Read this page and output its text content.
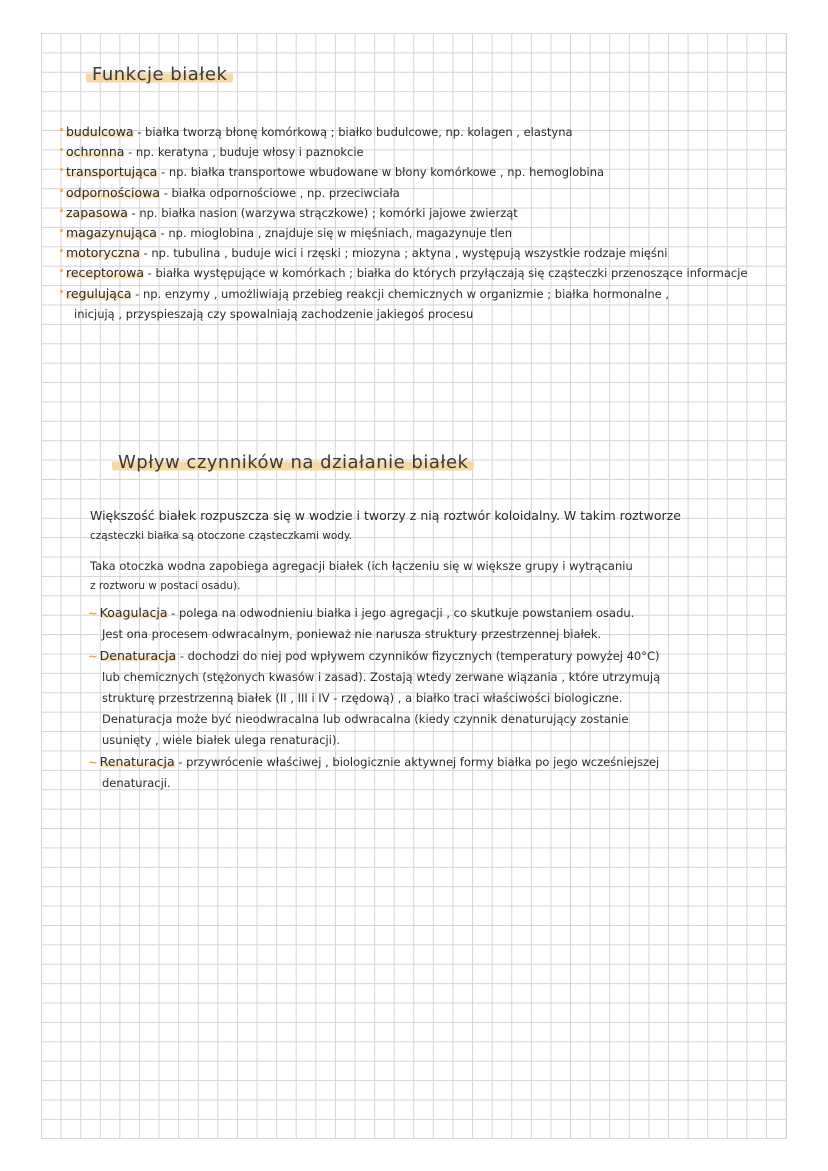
Funkcje białek
budulcowa - białka tworzą błonę komórkową ; białko budulcowe, np. kolagen , elastyna
ochronna - np. keratyna , buduje włosy i paznokcie
transportująca - np. białka transportowe wbudowane w błony komórkowe , np. hemoglobina
odpornościowa - białka odpornościowe , np. przeciwciała
zapasowa - np. białka nasion (warzywa strączkowe) ; komórki jajowe zwierząt
magazynująca - np. mioglobina , znajduje się w mięśniach, magazynuje tlen
motoryczna - np. tubulina , buduje wici i rzęski ; miozyna ; aktyna , występują wszystkie rodzaje mięśni
receptorowa - białka występujące w komórkach ; białka do których przyłączają się cząsteczki przenoszące informacje
regulująca - np. enzymy , umożliwiają przebieg reakcji chemicznych w organizmie ; białka hormonalne ,
inicjują , przyspieszają czy spowalniają zachodzenie jakiegoś procesu
Wpływ czynników na działanie białek
Większość białek rozpuszcza się w wodzie i tworzy z nią roztwór koloidalny. W takim roztworze
cząsteczki białka są otoczone cząsteczkami wody.
Taka otoczka wodna zapobiega agregacji białek (ich łączeniu się w większe grupy i wytrącaniu
z roztworu w postaci osadu).
~ Koagulacja - polega na odwodnieniu białka i jego agregacji , co skutkuje powstaniem osadu.
Jest ona procesem odwracalnym, ponieważ nie narusza struktury przestrzennej białek.
~ Denaturacja - dochodzi do niej pod wpływem czynników fizycznych (temperatury powyżej 40°C)
lub chemicznych (stężonych kwasów i zasad). Zostają wtedy zerwane wiązania , które utrzymują
strukturę przestrzenną białek (II , III i IV - rzędową) , a białko traci właściwości biologiczne.
Denaturacja może być nieodwracalna lub odwracalna (kiedy czynnik denaturujący zostanie
usunięty , wiele białek ulega renaturacji).
~ Renaturacja - przywrócenie właściwej , biologicznie aktywnej formy białka po jego wcześniejszej
denaturacji.
